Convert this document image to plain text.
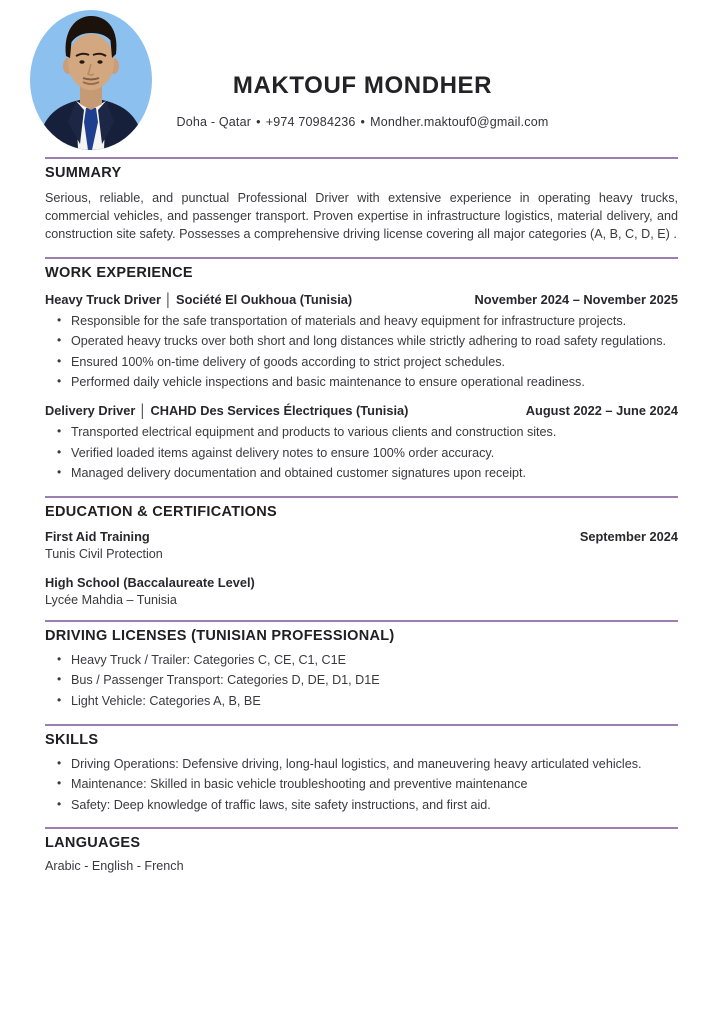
MAKTOUF MONDHER
Doha - Qatar • +974 70984236 • Mondher.maktouf0@gmail.com
SUMMARY

Serious, reliable, and punctual Professional Driver with extensive experience in operating heavy trucks, commercial vehicles, and passenger transport. Proven expertise in infrastructure logistics, material delivery, and construction site safety. Possesses a comprehensive driving license covering all major categories (A, B, C, D, E) .

WORK EXPERIENCE
Heavy Truck Driver │ Société El Oukhoua (Tunisia)	November 2024 – November 2025
• Responsible for the safe transportation of materials and heavy equipment for infrastructure projects.
• Operated heavy trucks over both short and long distances while strictly adhering to road safety regulations.
• Ensured 100% on-time delivery of goods according to strict project schedules.
• Performed daily vehicle inspections and basic maintenance to ensure operational readiness.
Delivery Driver │ CHAHD Des Services Électriques (Tunisia)	August 2022 – June 2024
• Transported electrical equipment and products to various clients and construction sites.
• Verified loaded items against delivery notes to ensure 100% order accuracy.
• Managed delivery documentation and obtained customer signatures upon receipt.
EDUCATION & CERTIFICATIONS
First Aid Training	September 2024
Tunis Civil Protection
High School (Baccalaureate Level)
Lycée Mahdia – Tunisia
DRIVING LICENSES (TUNISIAN PROFESSIONAL)
• Heavy Truck / Trailer: Categories C, CE, C1, C1E
• Bus / Passenger Transport: Categories D, DE, D1, D1E
• Light Vehicle: Categories A, B, BE
SKILLS
• Driving Operations: Defensive driving, long-haul logistics, and maneuvering heavy articulated vehicles.
• Maintenance: Skilled in basic vehicle troubleshooting and preventive maintenance
• Safety: Deep knowledge of traffic laws, site safety instructions, and first aid.
LANGUAGES
Arabic - English - French
